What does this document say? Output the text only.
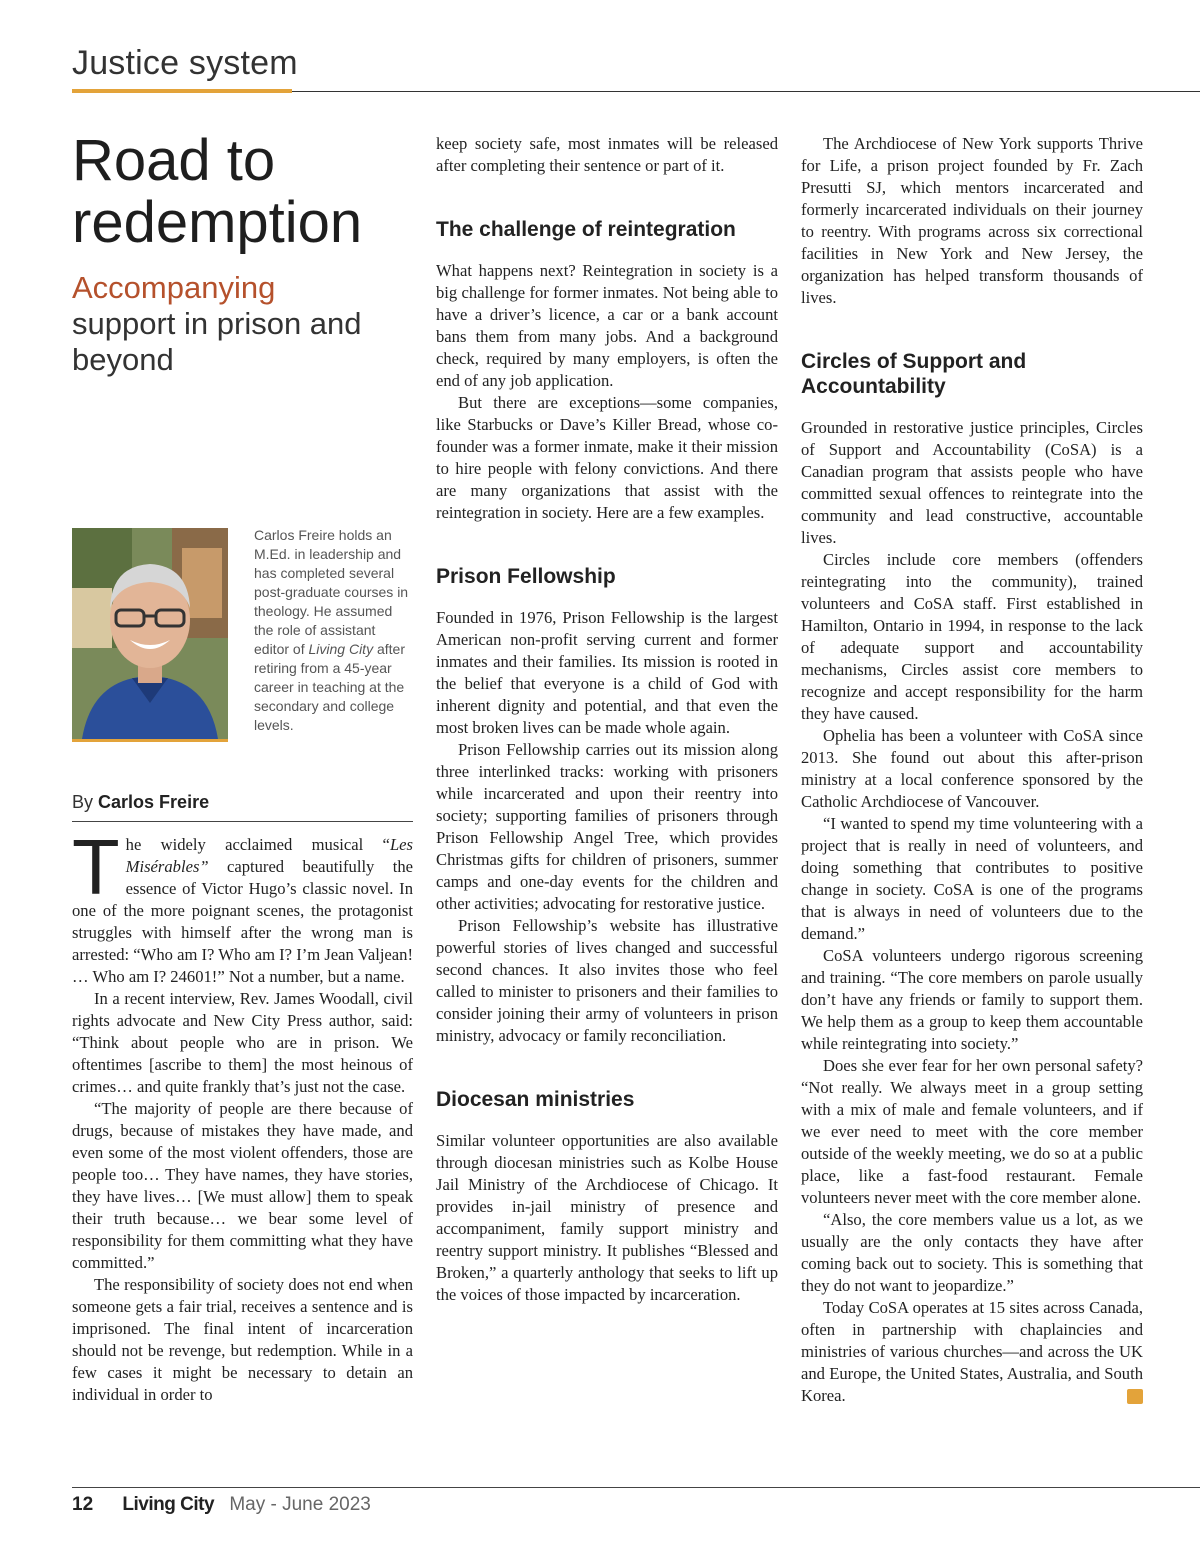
Justice system
Road to redemption
Accompanying
support in prison and beyond
Carlos Freire holds an M.Ed. in leadership and has completed several post-graduate courses in theology. He assumed the role of assistant editor of Living City after retiring from a 45-year career in teaching at the secondary and college levels.
By Carlos Freire

The widely acclaimed musical “Les Misérables” captured beautifully the essence of Victor Hugo’s classic novel. In one of the more poignant scenes, the protagonist struggles with himself after the wrong man is arrested: “Who am I? Who am I? I’m Jean Valjean! … Who am I? 24601!” Not a number, but a name.

In a recent interview, Rev. James Woodall, civil rights advocate and New City Press author, said: “Think about people who are in prison. We oftentimes [ascribe to them] the most heinous of crimes… and quite frankly that’s just not the case.

“The majority of people are there because of drugs, because of mistakes they have made, and even some of the most violent offenders, those are people too… They have names, they have stories, they have lives… [We must allow] them to speak their truth because… we bear some level of responsibility for them committing what they have committed.”

The responsibility of society does not end when someone gets a fair trial, receives a sentence and is imprisoned. The final intent of incarceration should not be revenge, but redemption. While in a few cases it might be necessary to detain an individual in order to

keep society safe, most inmates will be released after completing their sentence or part of it.

The challenge of reintegration

What happens next? Reintegration in society is a big challenge for former inmates. Not being able to have a driver’s licence, a car or a bank account bans them from many jobs. And a background check, required by many employers, is often the end of any job application.

But there are exceptions—some companies, like Starbucks or Dave’s Killer Bread, whose co-founder was a former inmate, make it their mission to hire people with felony convictions. And there are many organizations that assist with the reintegration in society. Here are a few examples.

Prison Fellowship

Founded in 1976, Prison Fellowship is the largest American non-profit serving current and former inmates and their families. Its mission is rooted in the belief that everyone is a child of God with inherent dignity and potential, and that even the most broken lives can be made whole again.

Prison Fellowship carries out its mission along three interlinked tracks: working with prisoners while incarcerated and upon their reentry into society; supporting families of prisoners through Prison Fellowship Angel Tree, which provides Christmas gifts for children of prisoners, summer camps and one-day events for the children and other activities; advocating for restorative justice.

Prison Fellowship’s website has illustrative powerful stories of lives changed and successful second chances. It also invites those who feel called to minister to prisoners and their families to consider joining their army of volunteers in prison ministry, advocacy or family reconciliation.

Diocesan ministries

Similar volunteer opportunities are also available through diocesan ministries such as Kolbe House Jail Ministry of the Archdiocese of Chicago. It provides in-jail ministry of presence and accompaniment, family support ministry and reentry support ministry. It publishes “Blessed and Broken,” a quarterly anthology that seeks to lift up the voices of those impacted by incarceration.

The Archdiocese of New York supports Thrive for Life, a prison project founded by Fr. Zach Presutti SJ, which mentors incarcerated and formerly incarcerated individuals on their journey to reentry. With programs across six correctional facilities in New York and New Jersey, the organization has helped transform thousands of lives.

Circles of Support and Accountability

Grounded in restorative justice principles, Circles of Support and Accountability (CoSA) is a Canadian program that assists people who have committed sexual offences to reintegrate into the community and lead constructive, accountable lives.

Circles include core members (offenders reintegrating into the community), trained volunteers and CoSA staff. First established in Hamilton, Ontario in 1994, in response to the lack of adequate support and accountability mechanisms, Circles assist core members to recognize and accept responsibility for the harm they have caused.

Ophelia has been a volunteer with CoSA since 2013. She found out about this after-prison ministry at a local conference sponsored by the Catholic Archdiocese of Vancouver.

“I wanted to spend my time volunteering with a project that is really in need of volunteers, and doing something that contributes to positive change in society. CoSA is one of the programs that is always in need of volunteers due to the demand.”

CoSA volunteers undergo rigorous screening and training. “The core members on parole usually don’t have any friends or family to support them. We help them as a group to keep them accountable while reintegrating into society.”

Does she ever fear for her own personal safety? “Not really. We always meet in a group setting with a mix of male and female volunteers, and if we ever need to meet with the core member outside of the weekly meeting, we do so at a public place, like a fast-food restaurant. Female volunteers never meet with the core member alone.

“Also, the core members value us a lot, as we usually are the only contacts they have after coming back out to society. This is something that they do not want to jeopardize.”

Today CoSA operates at 15 sites across Canada, often in partnership with chaplaincies and ministries of various churches—and across the UK and Europe, the United States, Australia, and South Korea.	LC

12 Living City May - June 2023
